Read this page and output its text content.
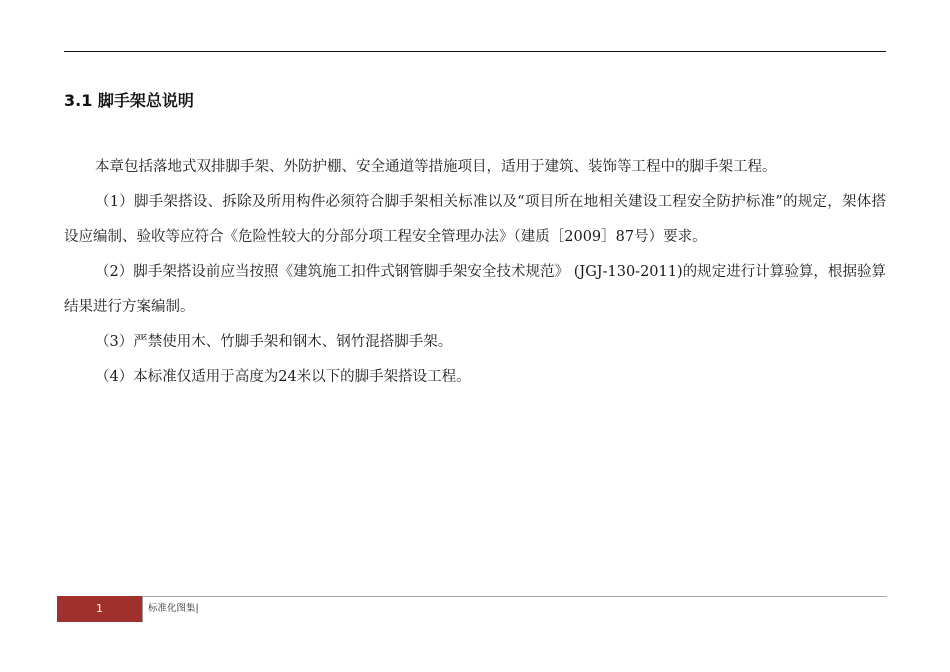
3.1 脚手架总说明

本章包括落地式双排脚手架、外防护棚、安全通道等措施项目，适用于建筑、装饰等工程中的脚手架工程。

（1）脚手架搭设、拆除及所用构件必须符合脚手架相关标准以及“项目所在地相关建设工程安全防护标准”的规定，架体搭设应编制、验收等应符合《危险性较大的分部分项工程安全管理办法》（建质［2009］87号）要求。

（2）脚手架搭设前应当按照《建筑施工扣件式钢管脚手架安全技术规范》 (JGJ-130-2011)的规定进行计算验算，根据验算结果进行方案编制。

（3）严禁使用木、竹脚手架和钢木、钢竹混搭脚手架。

（4）本标准仅适用于高度为24米以下的脚手架搭设工程。

1	标准化图集|
